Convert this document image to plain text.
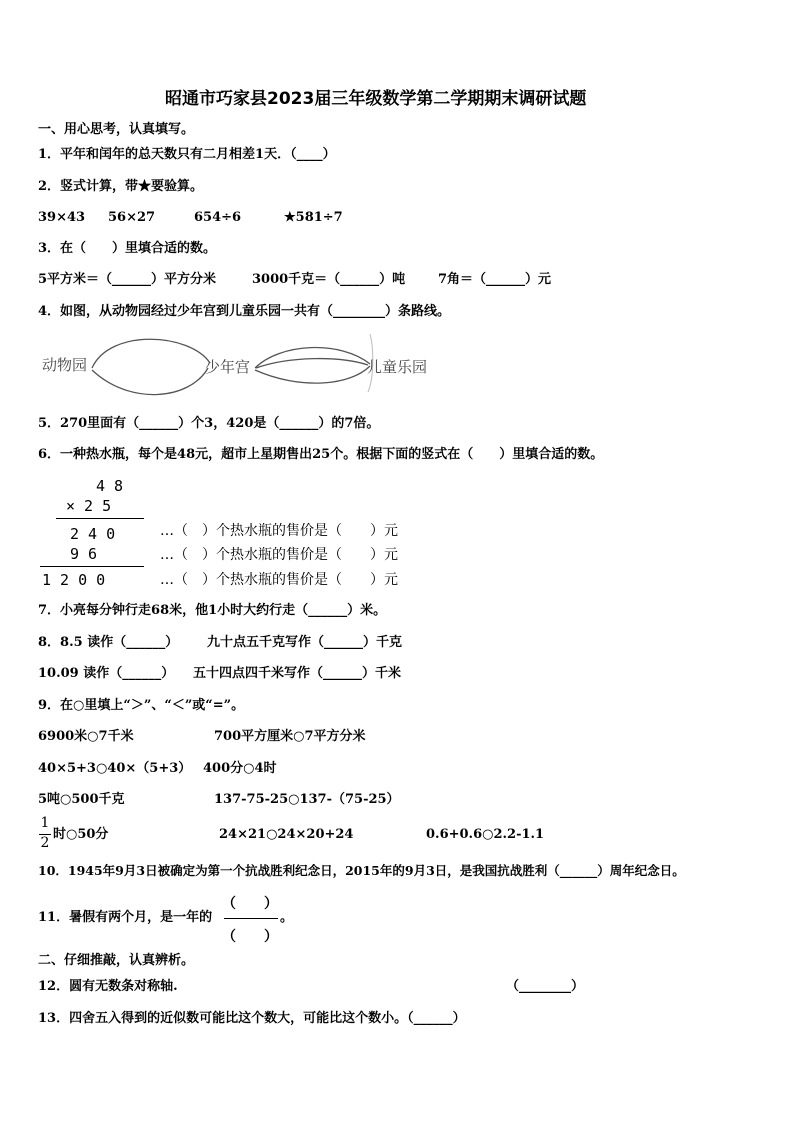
昭通市巧家县2023届三年级数学第二学期期末调研试题
一、用心思考，认真填写。
1．平年和闰年的总天数只有二月相差1天．（____）
2．竖式计算，带★要验算。
39×43 56×27	654÷6	★581÷7
3．在（　　）里填合适的数。
5平方米＝（______）平方分米	3000千克＝（______）吨	7角＝（______）元
4．如图，从动物园经过少年宫到儿童乐园一共有（________）条路线。
动物园	少年宫	儿童乐园
5．270里面有（______）个3，420是（______）的7倍。
6．一种热水瓶，每个是48元，超市上星期售出25个。根据下面的竖式在（　　）里填合适的数。
4 8
× 2 5
2 4 0
9 6
1 2 0 0
…（　）个热水瓶的售价是（　　）元
…（　）个热水瓶的售价是（　　）元
…（　）个热水瓶的售价是（　　）元
7．小亮每分钟行走68米，他1小时大约行走（______）米。
8．8.5 读作（______） 九十点五千克写作（______）千克
10.09 读作（______） 五十四点四千米写作（______）千米
9．在○里填上“＞”、“＜”或“=”。
6900米○7千米	700平方厘米○7平方分米
40×5+3○40×（5+3） 400分○4时
5吨○500千克	137-75-25○137-（75-25）
1
2
时○50分	24×21○24×20+24	0.6+0.6○2.2-1.1
10．1945年9月3日被确定为第一个抗战胜利纪念日，2015年的9月3日，是我国抗战胜利（______）周年纪念日。
11．暑假有两个月，是一年的
（　　）
（　　）
。
二、仔细推敲，认真辨析。
12．圆有无数条对称轴.	（________）
13．四舍五入得到的近似数可能比这个数大，可能比这个数小。（______）
